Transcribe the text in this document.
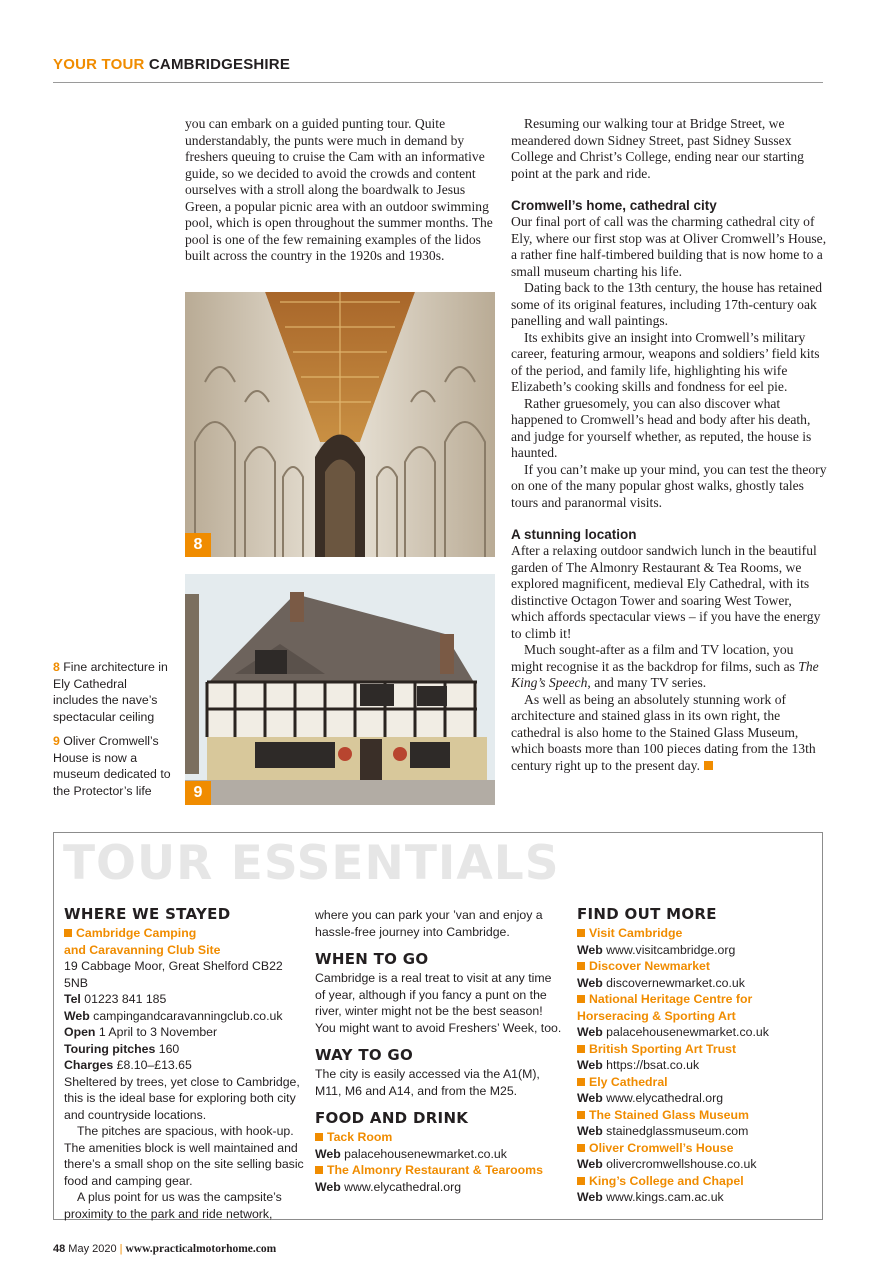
YOUR TOUR CAMBRIDGESHIRE

you can embark on a guided punting tour. Quite understandably, the punts were much in demand by freshers queuing to cruise the Cam with an informative guide, so we decided to avoid the crowds and content ourselves with a stroll along the boardwalk to Jesus Green, a popular picnic area with an outdoor swimming pool, which is open throughout the summer months. The pool is one of the few remaining examples of the lidos built across the country in the 1920s and 1930s.

8
9

8 Fine architecture in Ely Cathedral includes the nave’s spectacular ceiling

9 Oliver Cromwell’s House is now a museum dedicated to the Protector’s life

Resuming our walking tour at Bridge Street, we meandered down Sidney Street, past Sidney Sussex College and Christ’s College, ending near our starting point at the park and ride.

Cromwell’s home, cathedral city

Our final port of call was the charming cathedral city of Ely, where our first stop was at Oliver Cromwell’s House, a rather fine half-timbered building that is now home to a small museum charting his life.

Dating back to the 13th century, the house has retained some of its original features, including 17th-century oak panelling and wall paintings.

Its exhibits give an insight into Cromwell’s military career, featuring armour, weapons and soldiers’ field kits of the period, and family life, highlighting his wife Elizabeth’s cooking skills and fondness for eel pie.

Rather gruesomely, you can also discover what happened to Cromwell’s head and body after his death, and judge for yourself whether, as reputed, the house is haunted.

If you can’t make up your mind, you can test the theory on one of the many popular ghost walks, ghostly tales tours and paranormal visits.

A stunning location

After a relaxing outdoor sandwich lunch in the beautiful garden of The Almonry Restaurant & Tea Rooms, we explored magnificent, medieval Ely Cathedral, with its distinctive Octagon Tower and soaring West Tower, which affords spectacular views – if you have the energy to climb it!

Much sought-after as a film and TV location, you might recognise it as the backdrop for films, such as The King’s Speech, and many TV series.

As well as being an absolutely stunning work of architecture and stained glass in its own right, the cathedral is also home to the Stained Glass Museum, which boasts more than 100 pieces dating from the 13th century right up to the present day.

TOUR ESSENTIALS
WHERE WE STAYED
Cambridge Camping
and Caravanning Club Site
19 Cabbage Moor, Great Shelford CB22 5NB
Tel 01223 841 185
Web campingandcaravanningclub.co.uk
Open 1 April to 3 November
Touring pitches 160
Charges £8.10–£13.65

Sheltered by trees, yet close to Cambridge, this is the ideal base for exploring both city and countryside locations.

The pitches are spacious, with hook-up. The amenities block is well maintained and there’s a small shop on the site selling basic food and camping gear.

A plus point for us was the campsite’s proximity to the park and ride network,

where you can park your ’van and enjoy a hassle-free journey into Cambridge.

WHEN TO GO

Cambridge is a real treat to visit at any time of year, although if you fancy a punt on the river, winter might not be the best season! You might want to avoid Freshers’ Week, too.

WAY TO GO

The city is easily accessed via the A1(M), M11, M6 and A14, and from the M25.

FOOD AND DRINK
Tack Room
Web palacehousenewmarket.co.uk
The Almonry Restaurant & Tearooms
Web www.elycathedral.org
FIND OUT MORE
Visit Cambridge
Web www.visitcambridge.org
Discover Newmarket
Web discovernewmarket.co.uk
National Heritage Centre for
Horseracing & Sporting Art
Web palacehousenewmarket.co.uk
British Sporting Art Trust
Web https://bsat.co.uk
Ely Cathedral
Web www.elycathedral.org
The Stained Glass Museum
Web stainedglassmuseum.com
Oliver Cromwell’s House
Web olivercromwellshouse.co.uk
King’s College and Chapel
Web www.kings.cam.ac.uk
48 May 2020 | www.practicalmotorhome.com
